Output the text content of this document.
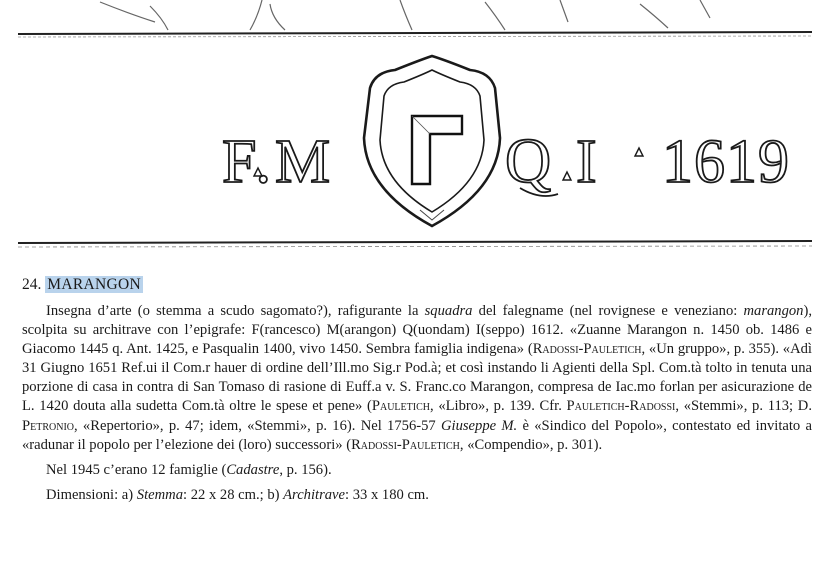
F.M	Q I 1619
24. MARANGON

Insegna d’arte (o stemma a scudo sagomato?), rafigurante la squadra del falegname (nel rovignese e veneziano: marangon), scolpita su architrave con l’epigrafe: F(rancesco) M(arangon) Q(uondam) I(seppo) 1612. «Zuanne Marangon n. 1450 ob. 1486 e Giacomo 1445 q. Ant. 1425, e Pasqualin 1400, vivo 1450. Sembra famiglia indigena» (Radossi-Pauletich, «Un gruppo», p. 355). «Adì 31 Giugno 1651 Ref.ui il Com.r hauer di ordine dell’Ill.mo Sig.r Pod.à; et così instando li Agienti della Spl. Com.tà tolto in tenuta una porzione di casa in contra di San Tomaso di rasione di Euff.a v. S. Franc.co Marangon, compresa de Iac.mo forlan per asicurazione de L. 1420 douta alla sudetta Com.tà oltre le spese et pene» (Pauletich, «Libro», p. 139. Cfr. Pauletich-Radossi, «Stemmi», p. 113; D. Petronio, «Repertorio», p. 47; idem, «Stemmi», p. 16). Nel 1756-57 Giuseppe M. è «Sindico del Popolo», contestato ed invitato a «radunar il popolo per l’elezione dei (loro) successori» (Radossi-Pauletich, «Compendio», p. 301).

Nel 1945 c’erano 12 famiglie (Cadastre, p. 156).

Dimensioni: a) Stemma: 22 x 28 cm.; b) Architrave: 33 x 180 cm.
